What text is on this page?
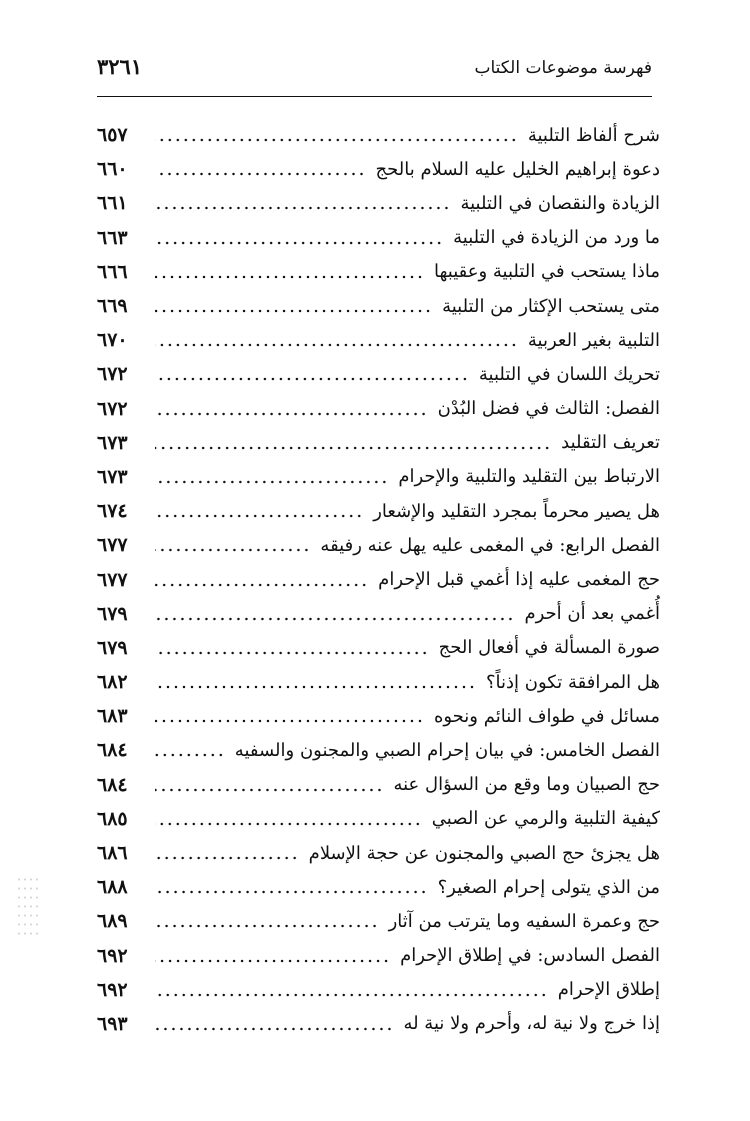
فهرسة موضوعات الكتاب
٣٢٦١
شرح ألفاظ التلبية
٦٥٧
دعوة إبراهيم الخليل عليه السلام بالحج
٦٦٠
الزيادة والنقصان في التلبية
٦٦١
ما ورد من الزيادة في التلبية
٦٦٣
ماذا يستحب في التلبية وعقيبها
٦٦٦
متى يستحب الإكثار من التلبية
٦٦٩
التلبية بغير العربية
٦٧٠
تحريك اللسان في التلبية
٦٧٢
الفصل: الثالث في فضل البُدْن
٦٧٢
تعريف التقليد
٦٧٣
الارتباط بين التقليد والتلبية والإحرام
٦٧٣
هل يصير محرماً بمجرد التقليد والإشعار
٦٧٤
الفصل الرابع: في المغمى عليه يهل عنه رفيقه
٦٧٧
حج المغمى عليه إذا أغمي قبل الإحرام
٦٧٧
أُغمي بعد أن أحرم
٦٧٩
صورة المسألة في أفعال الحج
٦٧٩
هل المرافقة تكون إذناً؟
٦٨٢
مسائل في طواف النائم ونحوه
٦٨٣
الفصل الخامس: في بيان إحرام الصبي والمجنون والسفيه
٦٨٤
حج الصبيان وما وقع من السؤال عنه
٦٨٤
كيفية التلبية والرمي عن الصبي
٦٨٥
هل يجزئ حج الصبي والمجنون عن حجة الإسلام
٦٨٦
من الذي يتولى إحرام الصغير؟
٦٨٨
حج وعمرة السفيه وما يترتب من آثار
٦٨٩
الفصل السادس: في إطلاق الإحرام
٦٩٢
إطلاق الإحرام
٦٩٢
إذا خرج ولا نية له، وأحرم ولا نية له
٦٩٣
